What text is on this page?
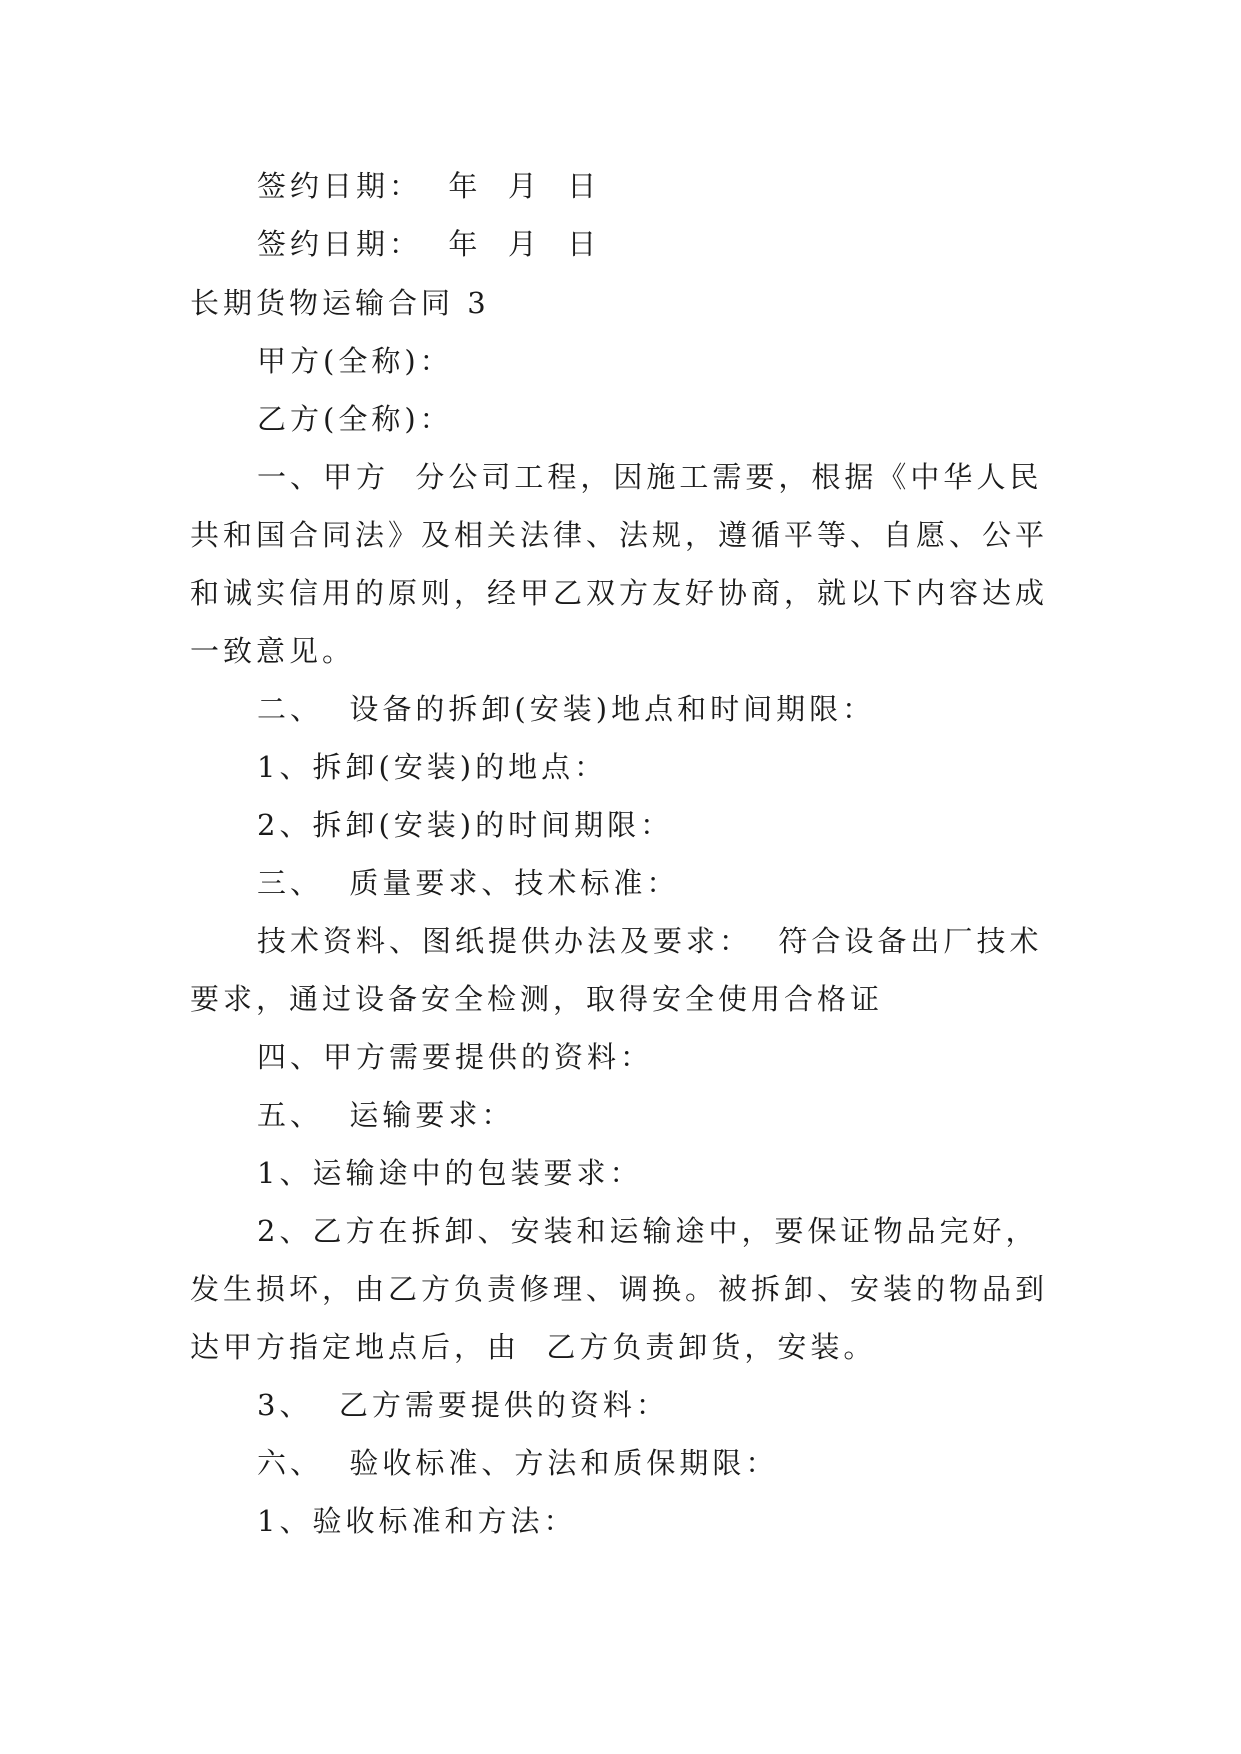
签约日期：  年  月  日
签约日期：  年  月  日
长期货物运输合同 3
甲方(全称)：
乙方(全称)：
一、甲方  分公司工程，因施工需要，根据《中华人民
共和国合同法》及相关法律、法规，遵循平等、自愿、公平
和诚实信用的原则，经甲乙双方友好协商，就以下内容达成
一致意见。
二、  设备的拆卸(安装)地点和时间期限：
1、拆卸(安装)的地点：
2、拆卸(安装)的时间期限：
三、  质量要求、技术标准：
技术资料、图纸提供办法及要求：  符合设备出厂技术
要求，通过设备安全检测，取得安全使用合格证
四、甲方需要提供的资料：
五、  运输要求：
1、运输途中的包装要求：
2、乙方在拆卸、安装和运输途中，要保证物品完好，
发生损坏，由乙方负责修理、调换。被拆卸、安装的物品到
达甲方指定地点后，由  乙方负责卸货，安装。
3、  乙方需要提供的资料：
六、  验收标准、方法和质保期限：
1、验收标准和方法：
